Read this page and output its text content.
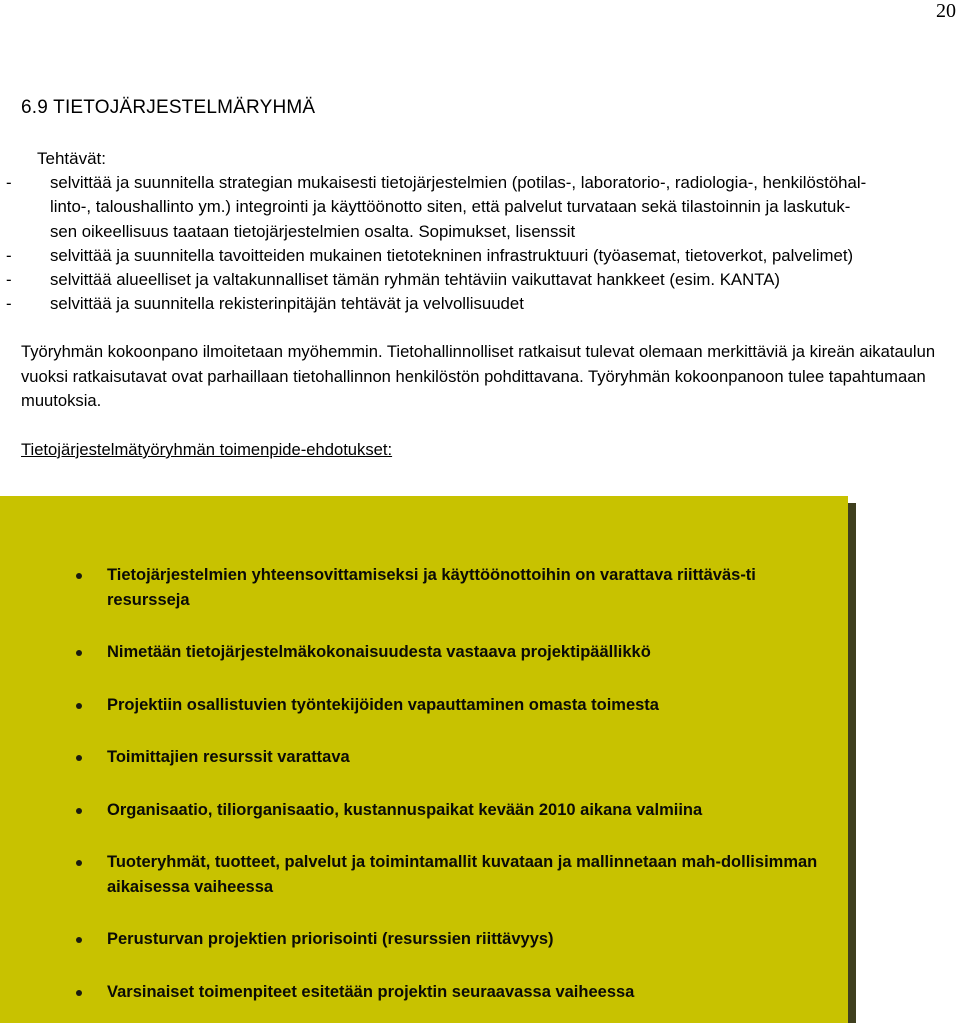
20
6.9 TIETOJÄRJESTELMÄRYHMÄ
Tehtävät:
- selvittää ja suunnitella strategian mukaisesti tietojärjestelmien (potilas-, laboratorio-, radiologia-, henkilöstöhal-
linto-, taloushallinto ym.) integrointi ja käyttöönotto siten, että palvelut turvataan sekä tilastoinnin ja laskutuk-
sen oikeellisuus taataan tietojärjestelmien osalta. Sopimukset, lisenssit
- selvittää ja suunnitella tavoitteiden mukainen tietotekninen infrastruktuuri (työasemat, tietoverkot, palvelimet)
- selvittää alueelliset ja valtakunnalliset tämän ryhmän tehtäviin vaikuttavat hankkeet (esim. KANTA)
- selvittää ja suunnitella rekisterinpitäjän tehtävät ja velvollisuudet
Työryhmän kokoonpano ilmoitetaan myöhemmin. Tietohallinnolliset ratkaisut tulevat olemaan merkittäviä ja kireän aikataulun vuoksi ratkaisutavat ovat parhaillaan tietohallinnon henkilöstön pohdittavana. Työryhmän kokoonpanoon tulee tapahtumaan muutoksia.
Tietojärjestelmätyöryhmän toimenpide-ehdotukset:
Tietojärjestelmien yhteensovittamiseksi ja käyttöönottoihin on varattava riittäväs-ti resursseja
Nimetään tietojärjestelmäkokonaisuudesta vastaava projektipäällikkö
Projektiin osallistuvien työntekijöiden vapauttaminen omasta toimesta
Toimittajien resurssit varattava
Organisaatio, tiliorganisaatio, kustannuspaikat kevään 2010 aikana valmiina
Tuoteryhmät, tuotteet, palvelut ja toimintamallit kuvataan ja mallinnetaan mah-dollisimman aikaisessa vaiheessa
Perusturvan projektien priorisointi (resurssien riittävyys)
Varsinaiset toimenpiteet esitetään projektin seuraavassa vaiheessa
